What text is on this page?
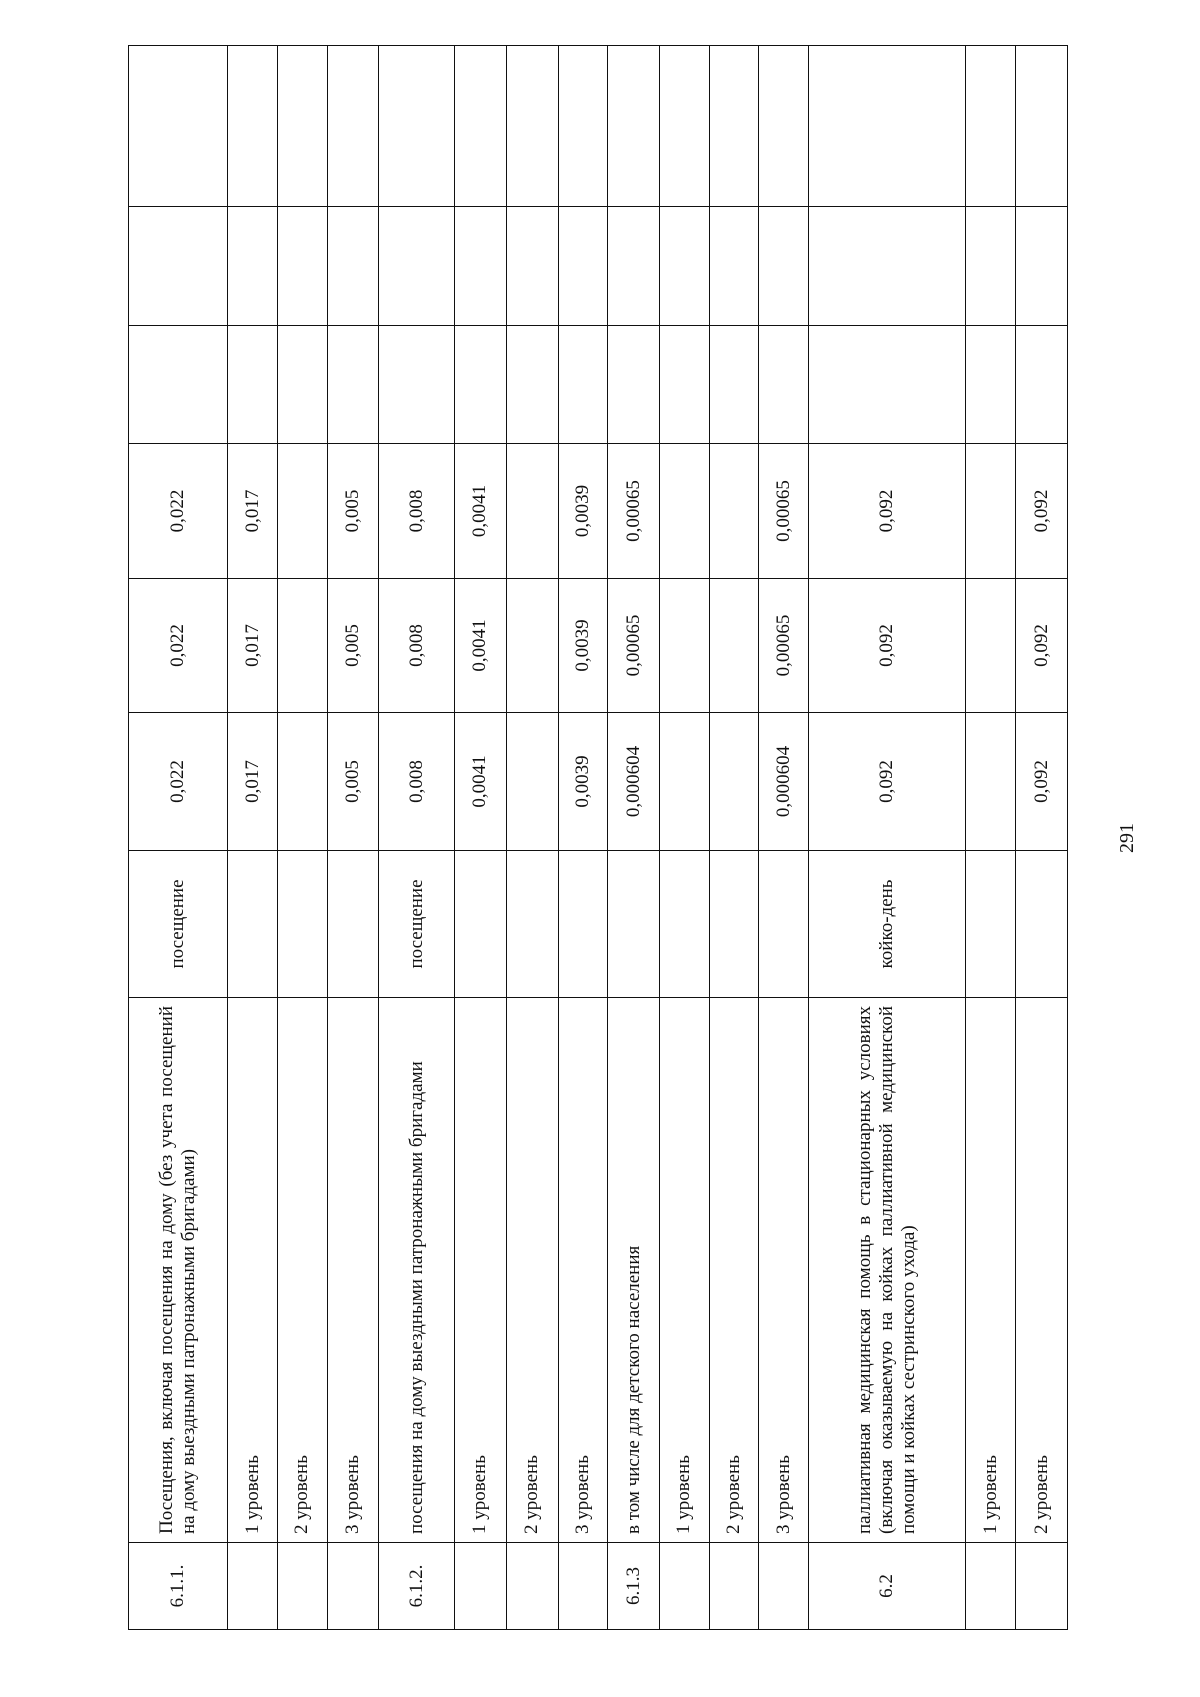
6.1.1.	Посещения, включая посещения на дому (без учета посещений на дому выездными патронажными бригадами)	посещение	0,022	0,022	0,022			

	1 уровень		0,017	0,017	0,017			

	2 уровень							

	3 уровень		0,005	0,005	0,005			
6.1.2.	посещения на дому выездными патронажными бригадами	посещение	0,008	0,008	0,008			

	1 уровень		0,0041	0,0041	0,0041			

	2 уровень							

	3 уровень		0,0039	0,0039	0,0039			
6.1.3	в том числе для детского населения		0,000604	0,00065	0,00065			

	1 уровень							

	2 уровень							

	3 уровень		0,000604	0,00065	0,00065			
6.2	паллиативная медицинская помощь в стационарных условиях (включая оказываемую на койках паллиативной медицинской помощи и койках сестринского ухода)	койко-день	0,092	0,092	0,092			

	1 уровень							

	2 уровень		0,092	0,092	0,092			
291
